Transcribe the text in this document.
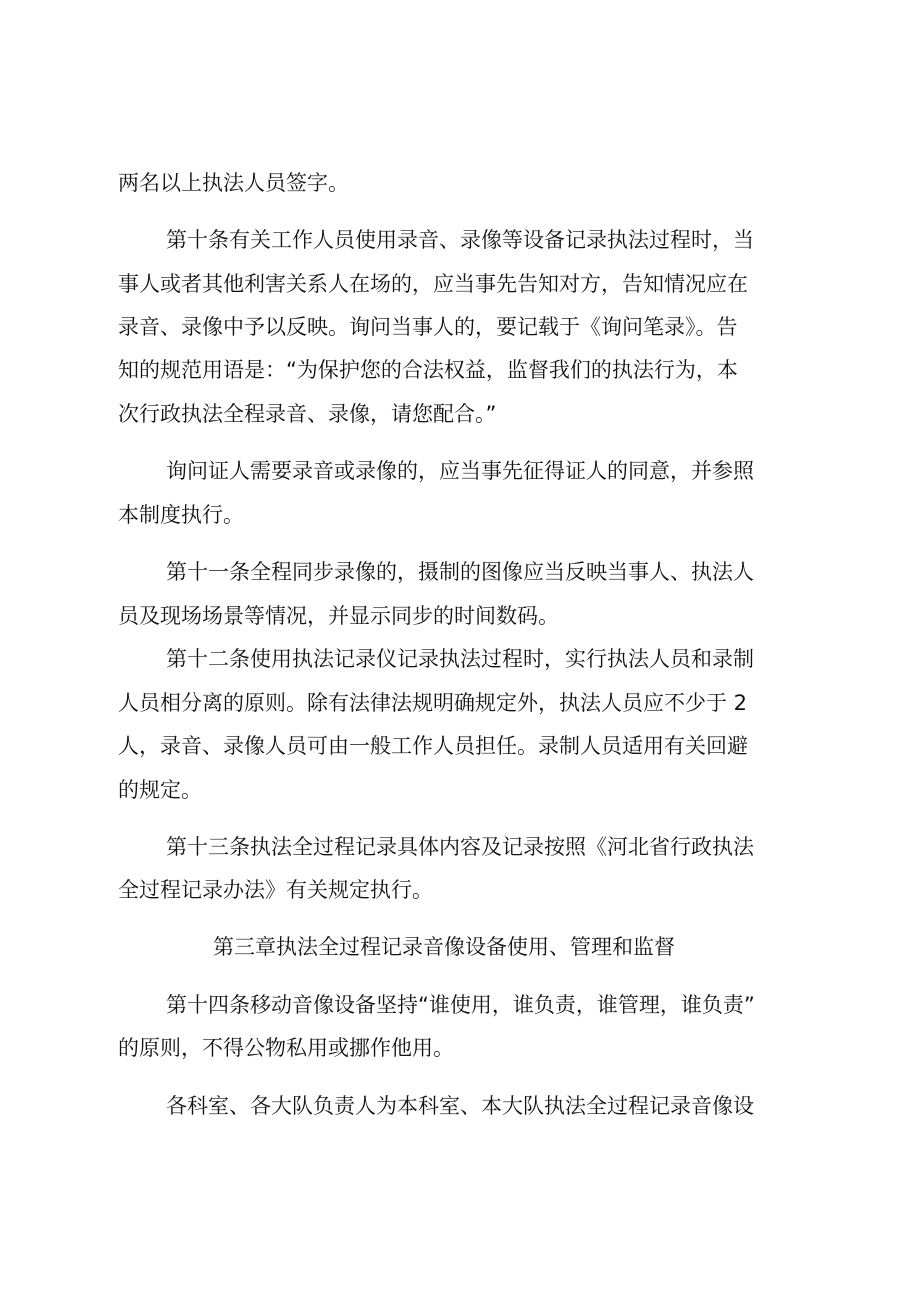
两名以上执法人员签字。
第十条有关工作人员使用录音、录像等设备记录执法过程时，当
事人或者其他利害关系人在场的，应当事先告知对方，告知情况应在
录音、录像中予以反映。询问当事人的，要记载于《询问笔录》。告
知的规范用语是：“为保护您的合法权益，监督我们的执法行为，本
次行政执法全程录音、录像，请您配合。”
询问证人需要录音或录像的，应当事先征得证人的同意，并参照
本制度执行。
第十一条全程同步录像的，摄制的图像应当反映当事人、执法人
员及现场场景等情况，并显示同步的时间数码。
第十二条使用执法记录仪记录执法过程时，实行执法人员和录制
人员相分离的原则。除有法律法规明确规定外，执法人员应不少于 2
人，录音、录像人员可由一般工作人员担任。录制人员适用有关回避
的规定。
第十三条执法全过程记录具体内容及记录按照《河北省行政执法
全过程记录办法》有关规定执行。
第三章执法全过程记录音像设备使用、管理和监督
第十四条移动音像设备坚持“谁使用，谁负责，谁管理，谁负责”
的原则，不得公物私用或挪作他用。
各科室、各大队负责人为本科室、本大队执法全过程记录音像设
